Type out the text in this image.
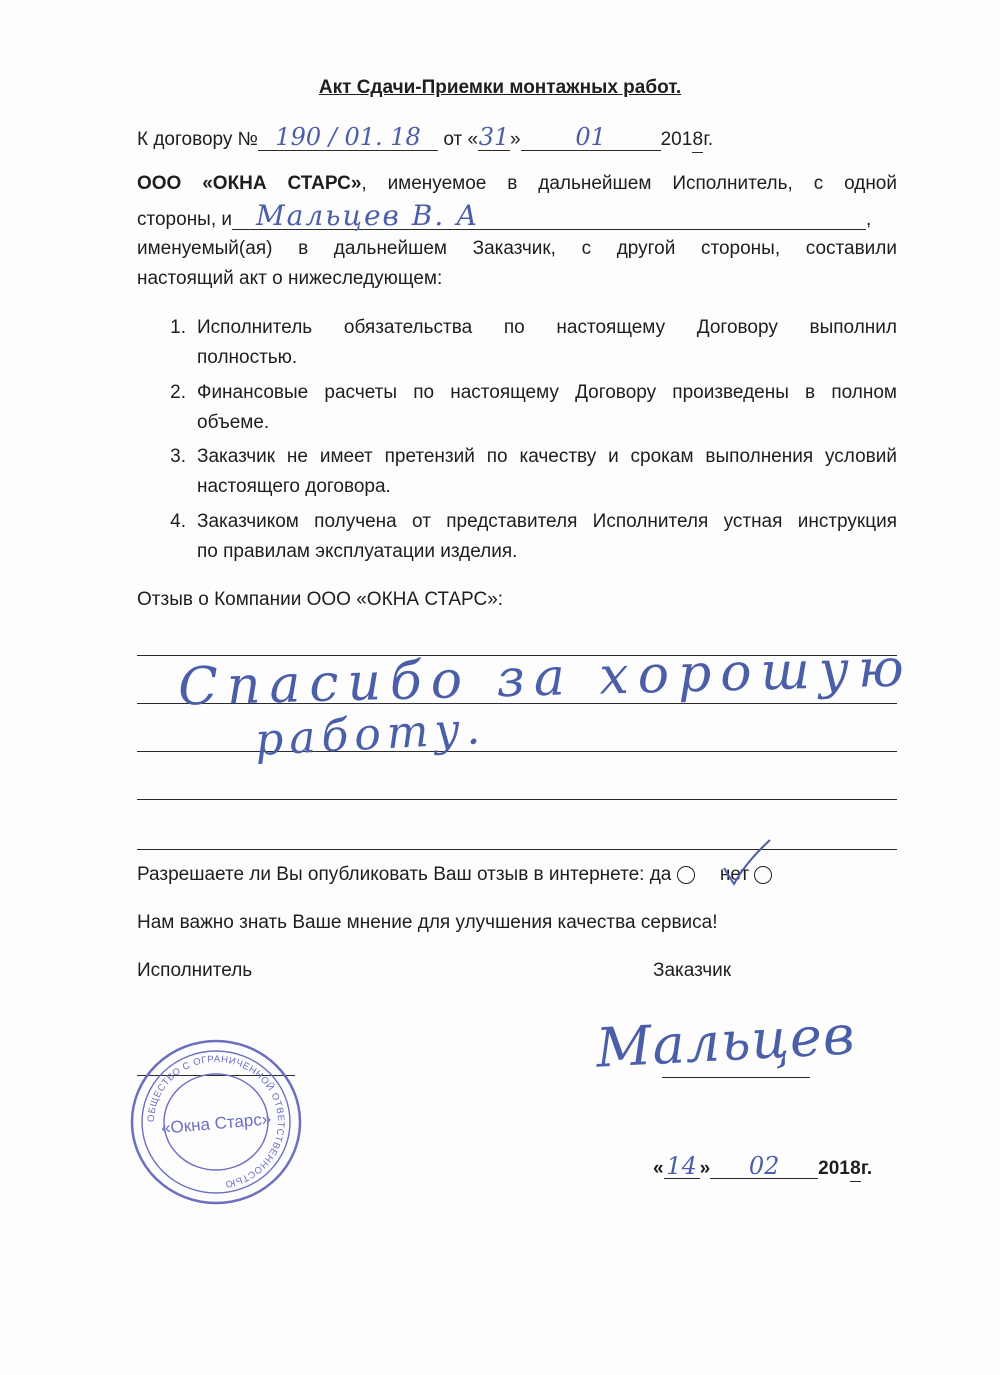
Акт Сдачи-Приемки монтажных работ.
К договору № 190 / 01. 18 от «31» 01	2018г.
ООО «ОКНА СТАРС», именуемое в дальнейшем Исполнитель, с одной
стороны, и Мальцев В. А	,
именуемый(ая) в дальнейшем Заказчик, с другой стороны, составили
настоящий акт о нижеследующем:
1. Исполнитель обязательства по настоящему Договору выполнил
полностью.
2. Финансовые расчеты по настоящему Договору произведены в полном
объеме.
3. Заказчик не имеет претензий по качеству и срокам выполнения условий
настоящего договора.
4. Заказчиком получена от представителя Исполнителя устная инструкция
по правилам эксплуатации изделия.
Отзыв о Компании ООО «ОКНА СТАРС»:
Спасибо за хорошую
работу.
Разрешаете ли Вы опубликовать Ваш отзыв в интернете: да	нет
Нам важно знать Ваше мнение для улучшения качества сервиса!
Исполнитель	Заказчик
ОБЩЕСТВО С ОГРАНИЧЕННОЙ ОТВЕТСТВЕННОСТЬЮ
«Окна Старс»
Мальцев
« 14 » 02 2018г.
